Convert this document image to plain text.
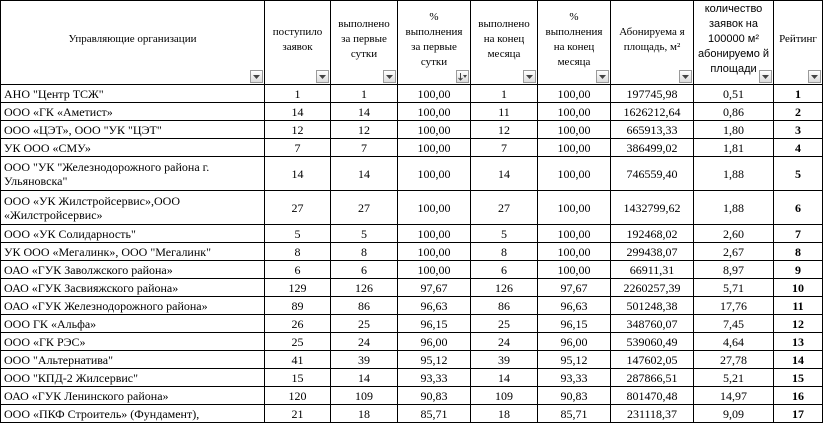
Управляющие организации	поступило заявок	выполнено за первые сутки	% выполнения за первые сутки	выполнено на конец месяца	% выполнения на конец месяца	Абонируема я площадь, м²	количество заявок на 100000 м² абонируемо й площади	Рейтинг

АНО "Центр ТСЖ"	1	1	100,00	1	100,00	197745,98	0,51	1
ООО «ГК «Аметист»	14	14	100,00	11	100,00	1626212,64	0,86	2
ООО «ЦЭТ», ООО "УК "ЦЭТ"	12	12	100,00	12	100,00	665913,33	1,80	3
УК ООО «СМУ»	7	7	100,00	7	100,00	386499,02	1,81	4
ООО "УК "Железнодорожного района г. Ульяновска"	14	14	100,00	14	100,00	746559,40	1,88	5
ООО «УК Жилстройсервис»,ООО «Жилстройсервис»	27	27	100,00	27	100,00	1432799,62	1,88	6
ООО «УК Солидарность"	5	5	100,00	5	100,00	192468,02	2,60	7
УК ООО «Мегалинк», ООО "Мегалинк"	8	8	100,00	8	100,00	299438,07	2,67	8
ОАО «ГУК Заволжского района»	6	6	100,00	6	100,00	66911,31	8,97	9
ОАО «ГУК Засвияжского района»	129	126	97,67	126	97,67	2260257,39	5,71	10
ОАО «ГУК Железнодорожного района»	89	86	96,63	86	96,63	501248,38	17,76	11
ООО ГК «Альфа»	26	25	96,15	25	96,15	348760,07	7,45	12
ООО «ГК РЭС»	25	24	96,00	24	96,00	539060,49	4,64	13
ООО "Альтернатива"	41	39	95,12	39	95,12	147602,05	27,78	14
ООО "КПД-2 Жилсервис"	15	14	93,33	14	93,33	287866,51	5,21	15
ОАО «ГУК Ленинского района»	120	109	90,83	109	90,83	801470,48	14,97	16
ООО «ПКФ Строитель» (Фундамент),	21	18	85,71	18	85,71	231118,37	9,09	17
